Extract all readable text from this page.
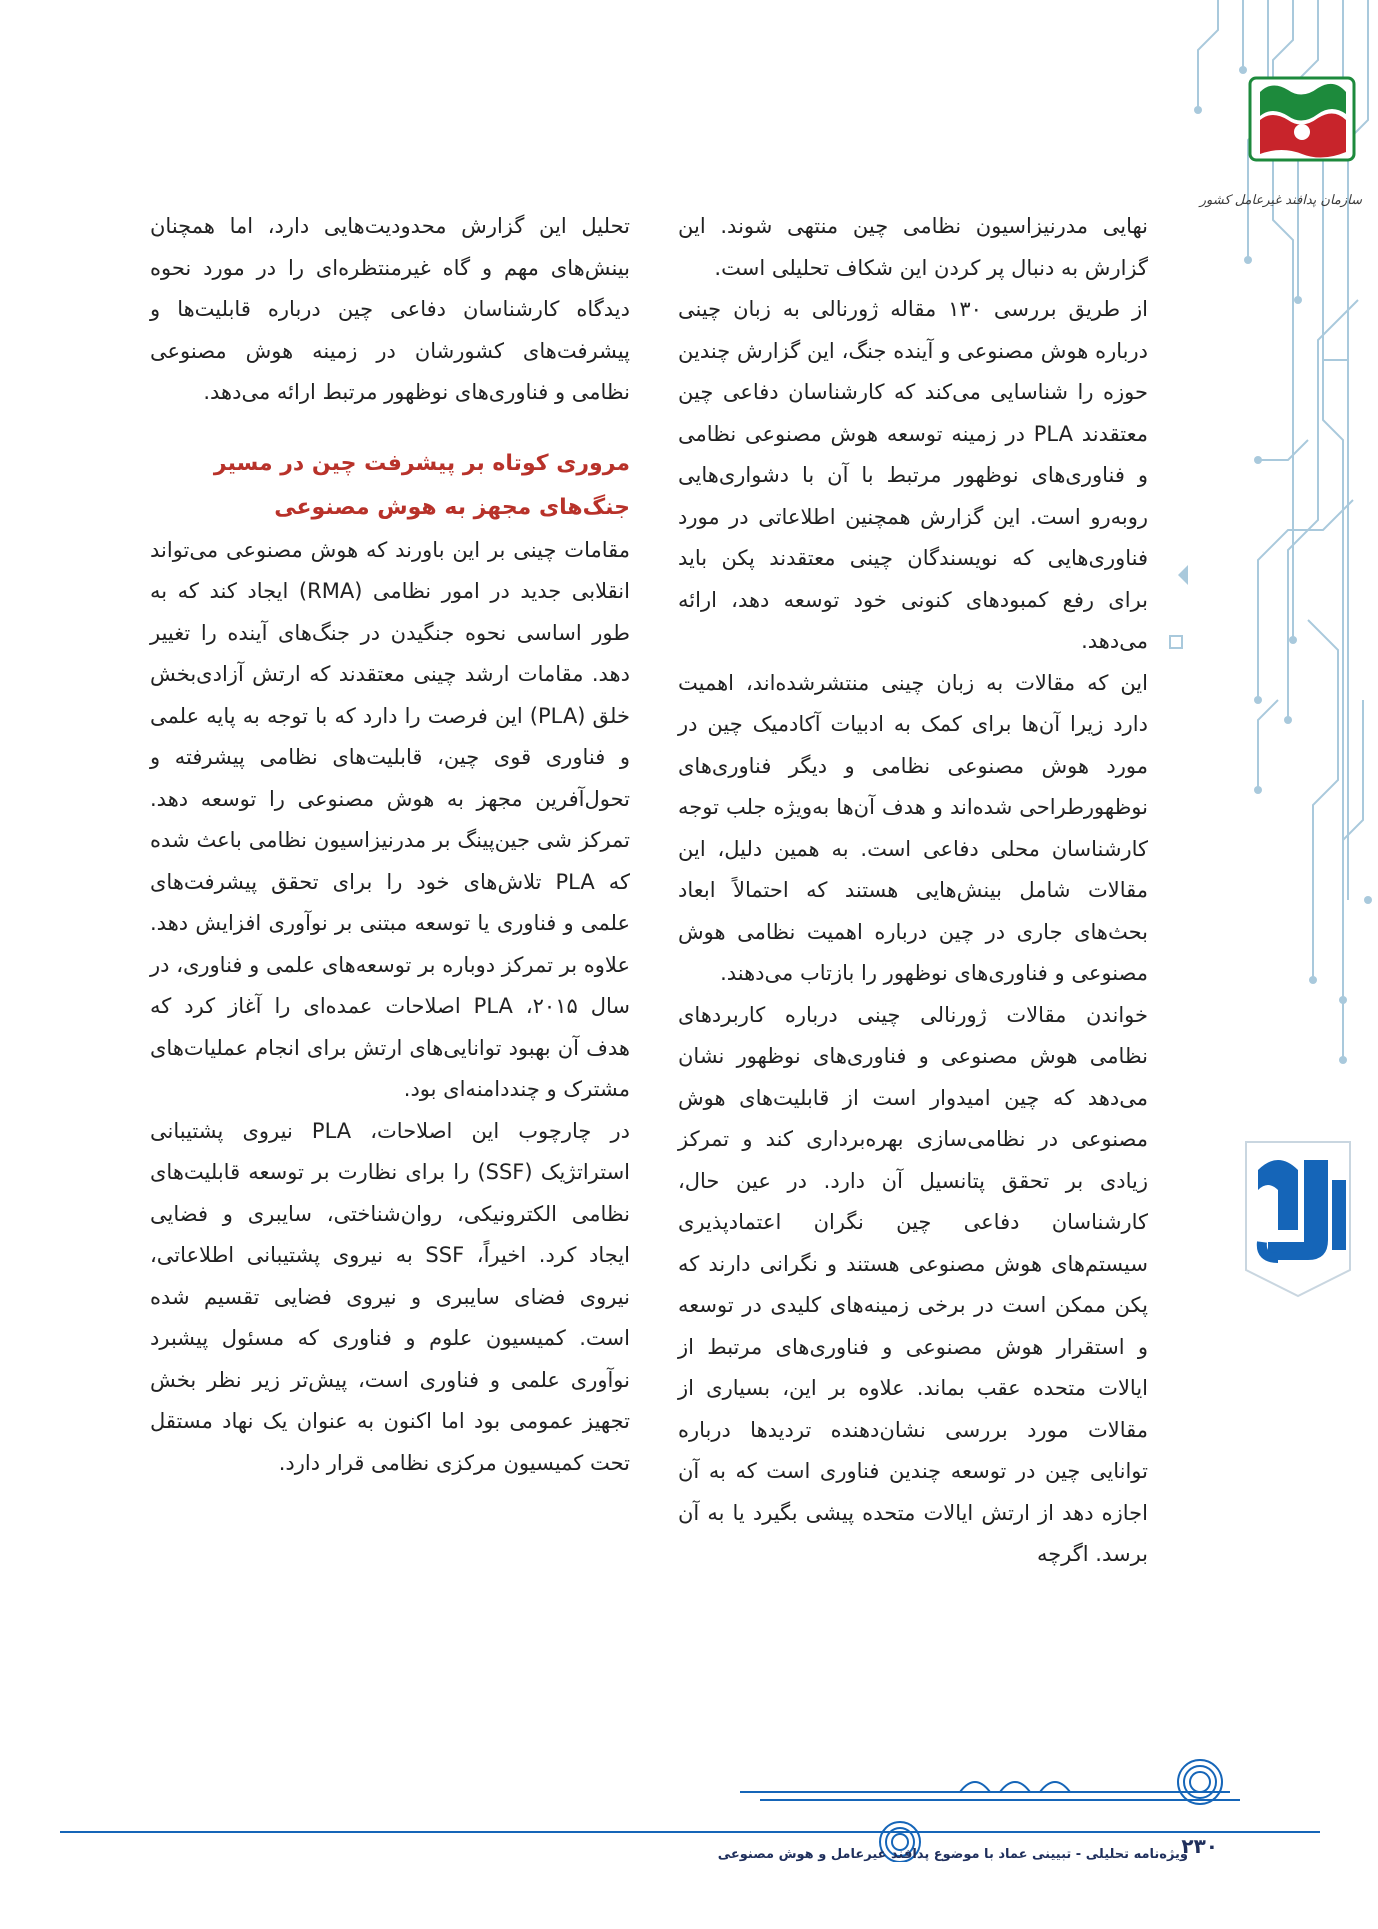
سازمان پدافند غیرعامل کشور

نهایی مدرنیزاسیون نظامی چین منتهی شوند. این گزارش به دنبال پر کردن این شکاف تحلیلی است.

از طریق بررسی ۱۳۰ مقاله ژورنالی به زبان چینی درباره هوش مصنوعی و آینده جنگ، این گزارش چندین حوزه را شناسایی می‌کند که کارشناسان دفاعی چین معتقدند PLA در زمینه توسعه هوش مصنوعی نظامی و فناوری‌های نوظهور مرتبط با آن با دشواری‌هایی روبه‌رو است. این گزارش همچنین اطلاعاتی در مورد فناوری‌هایی که نویسندگان چینی معتقدند پکن باید برای رفع کمبودهای کنونی خود توسعه دهد، ارائه می‌دهد.

این که مقالات به زبان چینی منتشرشده‌اند، اهمیت دارد زیرا آن‌ها برای کمک به ادبیات آکادمیک چین در مورد هوش مصنوعی نظامی و دیگر فناوری‌های نوظهورطراحی شده‌اند و هدف آن‌ها به‌ویژه جلب توجه کارشناسان محلی دفاعی است. به همین دلیل، این مقالات شامل بینش‌هایی هستند که احتمالاً ابعاد بحث‌های جاری در چین درباره اهمیت نظامی هوش مصنوعی و فناوری‌های نوظهور را بازتاب می‌دهند.

خواندن مقالات ژورنالی چینی درباره کاربردهای نظامی هوش مصنوعی و فناوری‌های نوظهور نشان می‌دهد که چین امیدوار است از قابلیت‌های هوش مصنوعی در نظامی‌سازی بهره‌برداری کند و تمرکز زیادی بر تحقق پتانسیل آن دارد. در عین حال، کارشناسان دفاعی چین نگران اعتمادپذیری سیستم‌های هوش مصنوعی هستند و نگرانی دارند که پکن ممکن است در برخی زمینه‌های کلیدی در توسعه و استقرار هوش مصنوعی و فناوری‌های مرتبط از ایالات متحده عقب بماند. علاوه بر این، بسیاری از مقالات مورد بررسی نشان‌دهنده تردیدها درباره توانایی چین در توسعه چندین فناوری است که به آن اجازه دهد از ارتش ایالات متحده پیشی بگیرد یا به آن برسد. اگرچه

تحلیل این گزارش محدودیت‌هایی دارد، اما همچنان بینش‌های مهم و گاه غیرمنتظره‌ای را در مورد نحوه دیدگاه کارشناسان دفاعی چین درباره قابلیت‌ها و پیشرفت‌های کشورشان در زمینه هوش مصنوعی نظامی و فناوری‌های نوظهور مرتبط ارائه می‌دهد.

مروری کوتاه بر پیشرفت چین در مسیر جنگ‌های مجهز به هوش مصنوعی

مقامات چینی بر این باورند که هوش مصنوعی می‌تواند انقلابی جدید در امور نظامی (RMA) ایجاد کند که به طور اساسی نحوه جنگیدن در جنگ‌های آینده را تغییر دهد. مقامات ارشد چینی معتقدند که ارتش آزادی‌بخش خلق (PLA) این فرصت را دارد که با توجه به پایه علمی و فناوری قوی چین، قابلیت‌های نظامی پیشرفته و تحول‌آفرین مجهز به هوش مصنوعی را توسعه دهد. تمرکز شی جین‌پینگ بر مدرنیزاسیون نظامی باعث شده که PLA تلاش‌های خود را برای تحقق پیشرفت‌های علمی و فناوری یا توسعه مبتنی بر نوآوری افزایش دهد. علاوه بر تمرکز دوباره بر توسعه‌های علمی و فناوری، در سال ۲۰۱۵، PLA اصلاحات عمده‌ای را آغاز کرد که هدف آن بهبود توانایی‌های ارتش برای انجام عملیات‌های مشترک و چنددامنه‌ای بود.

در چارچوب این اصلاحات، PLA نیروی پشتیبانی استراتژیک (SSF) را برای نظارت بر توسعه قابلیت‌های نظامی الکترونیکی، روان‌شناختی، سایبری و فضایی ایجاد کرد. اخیراً، SSF به نیروی پشتیبانی اطلاعاتی، نیروی فضای سایبری و نیروی فضایی تقسیم شده است. کمیسیون علوم و فناوری که مسئول پیشبرد نوآوری علمی و فناوری است، پیش‌تر زیر نظر بخش تجهیز عمومی بود اما اکنون به عنوان یک نهاد مستقل تحت کمیسیون مرکزی نظامی قرار دارد.

ویژه‌نامه تحلیلی - تبیینی عماد با موضوع پدافند غیرعامل و هوش مصنوعی
۲۳۰
